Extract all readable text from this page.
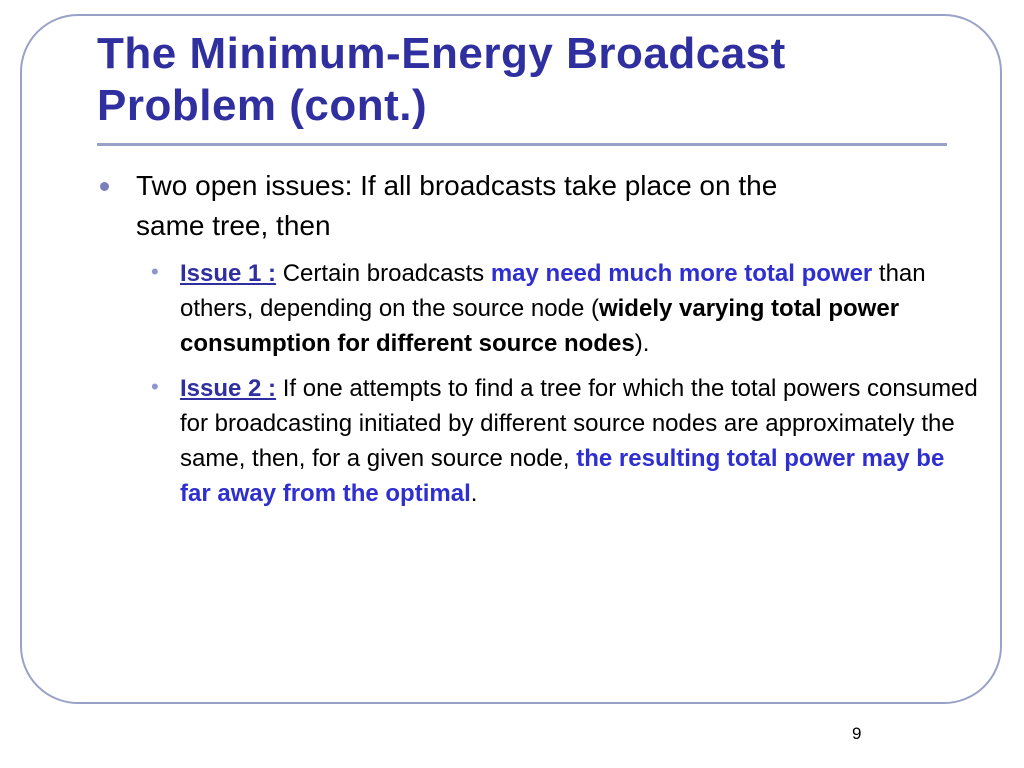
The Minimum-Energy Broadcast
Problem (cont.)
Two open issues: If all broadcasts take place on the
same tree, then
• Issue 1 : Certain broadcasts may need much more total power than others, depending on the source node (widely varying total power consumption for different source nodes).
• Issue 2 : If one attempts to find a tree for which the total powers consumed for broadcasting initiated by different source nodes are approximately the same, then, for a given source node, the resulting total power may be far away from the optimal.
9
